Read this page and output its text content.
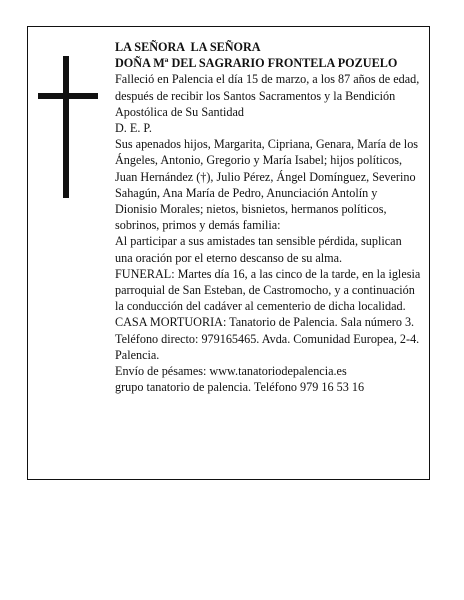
LA SEÑORA  LA SEÑORA

DOÑA Mª DEL SAGRARIO FRONTELA POZUELO

Falleció en Palencia el día 15 de marzo, a los 87 años de edad, después de recibir los Santos Sacramentos y la Bendición Apostólica de Su Santidad

D. E. P.

Sus apenados hijos, Margarita, Cipriana, Genara, María de los Ángeles, Antonio, Gregorio y María Isabel; hijos políticos, Juan Hernández (†), Julio Pérez, Ángel Domínguez, Severino Sahagún, Ana María de Pedro, Anunciación Antolín y Dionisio Morales; nietos, bisnietos, hermanos políticos, sobrinos, primos y demás familia:

Al participar a sus amistades tan sensible pérdida, suplican una oración por el eterno descanso de su alma.

FUNERAL: Martes día 16, a las cinco de la tarde, en la iglesia parroquial de San Esteban, de Castromocho, y a continuación la conducción del cadáver al cementerio de dicha localidad.

CASA MORTUORIA: Tanatorio de Palencia. Sala número 3. Teléfono directo: 979165465. Avda. Comunidad Europea, 2-4. Palencia.

Envío de pésames: www.tanatoriodepalencia.es

grupo tanatorio de palencia. Teléfono 979 16 53 16
